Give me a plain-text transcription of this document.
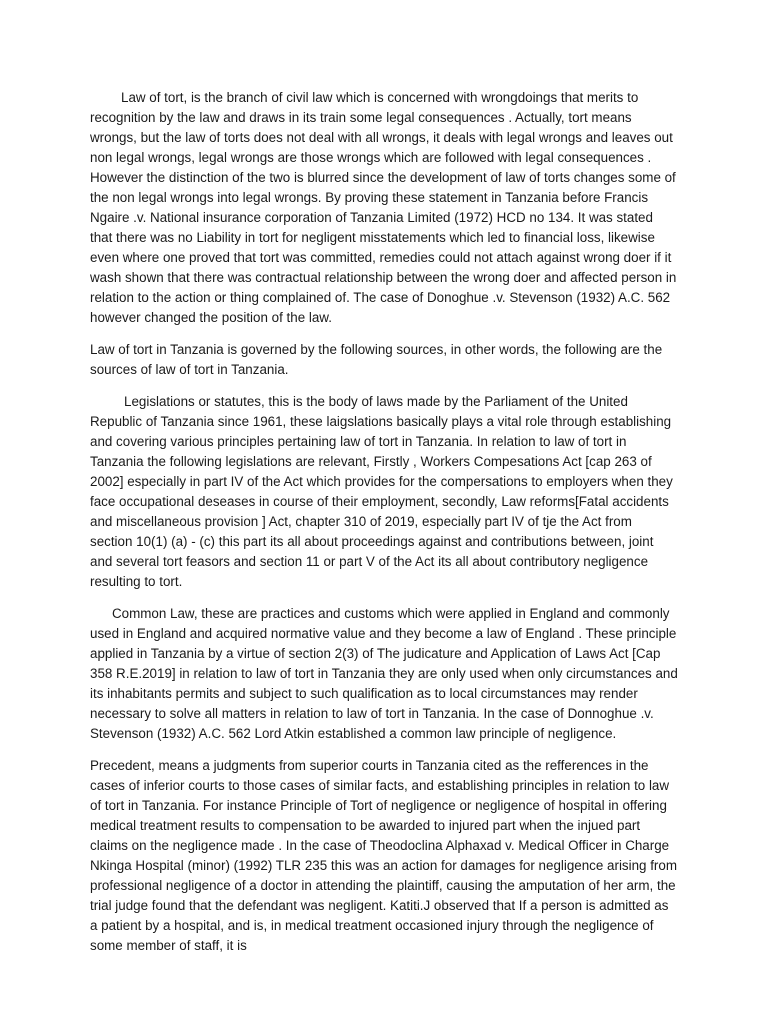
Law of tort, is the branch of civil law which is concerned with wrongdoings that merits to recognition by the law and draws in its train some legal consequences . Actually, tort means wrongs, but the law of torts does not deal with all wrongs, it deals with legal wrongs and leaves out non legal wrongs, legal wrongs are those wrongs which are followed with legal consequences . However the distinction of the two is blurred since the development of law of torts changes some of the non legal wrongs into legal wrongs. By proving these statement in Tanzania before Francis Ngaire .v. National insurance corporation of Tanzania Limited (1972) HCD no 134. It was stated that there was no Liability in tort for negligent misstatements which led to financial loss, likewise even where one proved that tort was committed, remedies could not attach against wrong doer if it wash shown that there was contractual relationship between the wrong doer and affected person in relation to the action or thing complained of. The case of Donoghue .v. Stevenson (1932) A.C. 562 however changed the position of the law.

Law of tort in Tanzania is governed by the following sources, in other words, the following are the sources of law of tort in Tanzania.

Legislations or statutes, this is the body of laws made by the Parliament of the United Republic of Tanzania since 1961, these laigslations basically plays a vital role through establishing and covering various principles pertaining law of tort in Tanzania. In relation to law of tort in Tanzania the following legislations are relevant, Firstly , Workers Compesations Act [cap 263 of 2002] especially in part IV of the Act which provides for the compersations to employers when they face occupational deseases in course of their employment, secondly, Law reforms[Fatal accidents and miscellaneous provision ] Act, chapter 310 of 2019, especially part IV of tje the Act from section 10(1) (a) - (c) this part its all about proceedings against and contributions between, joint and several tort feasors and section 11 or part V of the Act its all about contributory negligence resulting to tort.

Common Law, these are practices and customs which were applied in England and commonly used in England and acquired normative value and they become a law of England . These principle applied in Tanzania by a virtue of section 2(3) of The judicature and Application of Laws Act [Cap 358 R.E.2019] in relation to law of tort in Tanzania they are only used when only circumstances and its inhabitants permits and subject to such qualification as to local circumstances may render necessary to solve all matters in relation to law of tort in Tanzania. In the case of Donnoghue .v. Stevenson (1932) A.C. 562 Lord Atkin established a common law principle of negligence.

Precedent, means a judgments from superior courts in Tanzania cited as the refferences in the cases of inferior courts to those cases of similar facts, and establishing principles in relation to law of tort in Tanzania. For instance Principle of Tort of negligence or negligence of hospital in offering medical treatment results to compensation to be awarded to injured part when the injued part claims on the negligence made . In the case of Theodoclina Alphaxad v. Medical Officer in Charge Nkinga Hospital (minor) (1992) TLR 235 this was an action for damages for negligence arising from professional negligence of a doctor in attending the plaintiff, causing the amputation of her arm, the trial judge found that the defendant was negligent. Katiti.J observed that If a person is admitted as a patient by a hospital, and is, in medical treatment occasioned injury through the negligence of some member of staff, it is
